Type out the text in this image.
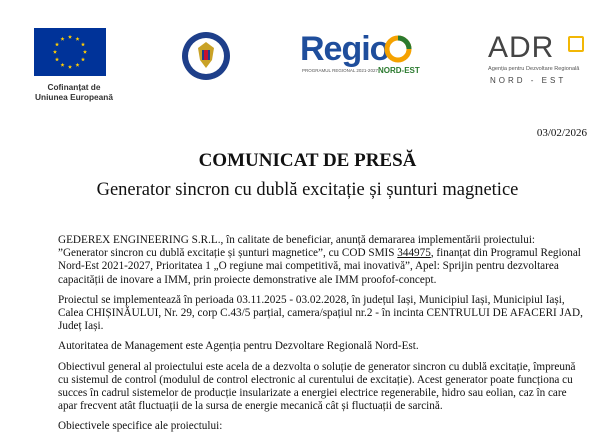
Cofinanțat de
Uniunea Europeană
Regio
PROGRAMUL REGIONAL 2021-2027 NORD-EST
ADR
Agenția pentru Dezvoltare Regională
NORD - EST
03/02/2026
COMUNICAT DE PRESĂ
Generator sincron cu dublă excitație și șunturi magnetice

GEDEREX ENGINEERING S.R.L., în calitate de beneficiar, anunță demararea implementării proiectului: ”Generator sincron cu dublă excitație și șunturi magnetice”, cu COD SMIS 344975, finanțat din Programul Regional Nord-Est 2021-2027, Prioritatea 1 „O regiune mai competitivă, mai inovativă”, Apel: Sprijin pentru dezvoltarea capacității de inovare a IMM, prin proiecte demonstrative ale IMM proofof-concept.

Proiectul se implementează în perioada 03.11.2025 - 03.02.2028, în județul Iași, Municipiul Iași, Municipiul Iași, Calea CHIȘINĂULUI, Nr. 29, corp C.43/5 parțial, camera/spațiul nr.2 - în incinta CENTRULUI DE AFACERI JAD, Județ Iași.

Autoritatea de Management este Agenția pentru Dezvoltare Regională Nord-Est.

Obiectivul general al proiectului este acela de a dezvolta o soluție de generator sincron cu dublă excitație, împreună cu sistemul de control (modulul de control electronic al curentului de excitație). Acest generator poate funcționa cu succes în cadrul sistemelor de producție insularizate a energiei electrice regenerabile, hidro sau eolian, caz în care apar frecvent atât fluctuații de la sursa de energie mecanică cât și fluctuații de sarcină.

Obiectivele specifice ale proiectului:
